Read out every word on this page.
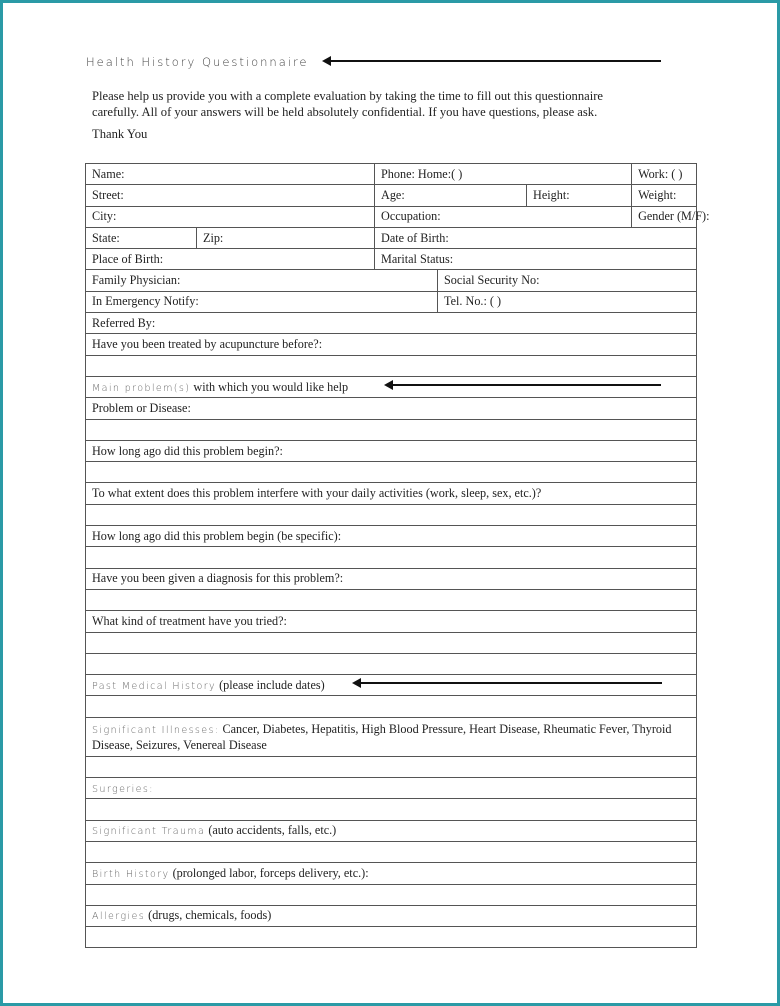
Health History Questionnaire

Please help us provide you with a complete evaluation by taking the time to fill out this questionnaire

carefully. All of your answers will be held absolutely confidential. If you have questions, please ask.

Thank You
Name:		Phone: Home:( )			Work: ( )
Street:		Age:		Height:	Weight:
City:		Occupation:			Gender (M/F):
State:	Zip:	Date of Birth:			
Place of Birth:		Marital Status:			
Family Physician:			Social Security No:		
In Emergency Notify:			Tel. No.: ( )		
Referred By:					
Have you been treated by acupuncture before?:					

Main problem(s) with which you would like help					
Problem or Disease:					

How long ago did this problem begin?:					

To what extent does this problem interfere with your daily activities (work, sleep, sex, etc.)?					

How long ago did this problem begin (be specific):					

Have you been given a diagnosis for this problem?:					

What kind of treatment have you tried?:					

Past Medical History (please include dates)					

Significant Illnesses: Cancer, Diabetes, Hepatitis, High Blood Pressure, Heart Disease, Rheumatic Fever, Thyroid Disease, Seizures, Venereal Disease					

Surgeries:					

Significant Trauma (auto accidents, falls, etc.)					

Birth History (prolonged labor, forceps delivery, etc.):					

Allergies (drugs, chemicals, foods)					
